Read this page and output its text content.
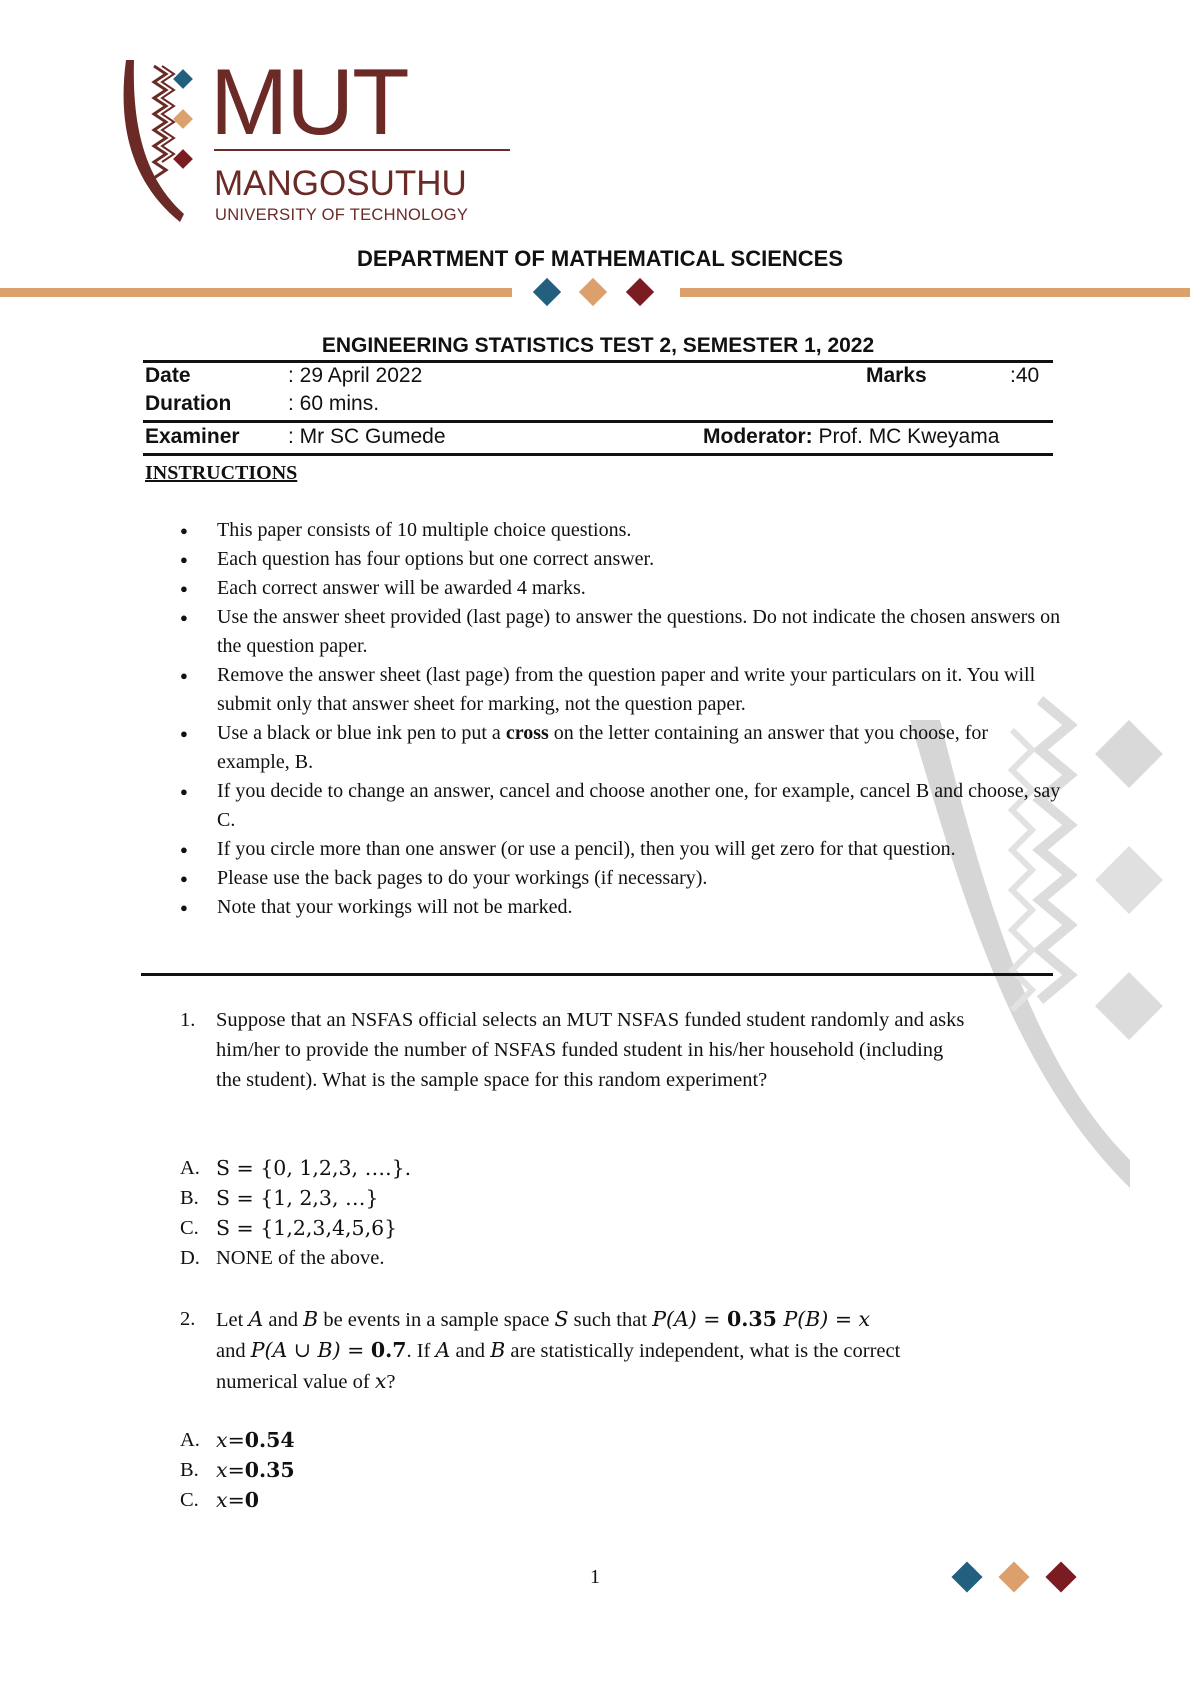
MUT
MANGOSUTHU
UNIVERSITY OF TECHNOLOGY
DEPARTMENT OF MATHEMATICAL SCIENCES
ENGINEERING STATISTICS TEST 2, SEMESTER 1, 2022
Date	: 29 April 2022	Marks	:40
Duration	: 60 mins.
Examiner : Mr SC Gumede	Moderator: Prof. MC Kweyama
INSTRUCTIONS
● This paper consists of 10 multiple choice questions.
● Each question has four options but one correct answer.
● Each correct answer will be awarded 4 marks.
● Use the answer sheet provided (last page) to answer the questions. Do not indicate the chosen answers on the question paper.
● Remove the answer sheet (last page) from the question paper and write your particulars on it. You will submit only that answer sheet for marking, not the question paper.
● Use a black or blue ink pen to put a cross on the letter containing an answer that you choose, for example, B.
● If you decide to change an answer, cancel and choose another one, for example, cancel B and choose, say C.
● If you circle more than one answer (or use a pencil), then you will get zero for that question.
● Please use the back pages to do your workings (if necessary).
● Note that your workings will not be marked.
1. Suppose that an NSFAS official selects an MUT NSFAS funded student randomly and asks him/her to provide the number of NSFAS funded student in his/her household (including the student). What is the sample space for this random experiment?
A. S = {0, 1,2,3, ….}.
B. S = {1, 2,3, …}
C. S = {1,2,3,4,5,6}
D. NONE of the above.
2. Let A and B be events in a sample space S such that P(A) = 0.35 P(B) = x
and P(A ∪ B) = 0.7. If A and B are statistically independent, what is the correct numerical value of x?
A. x = 0.54
B. x = 0.35
C. x = 0
1
